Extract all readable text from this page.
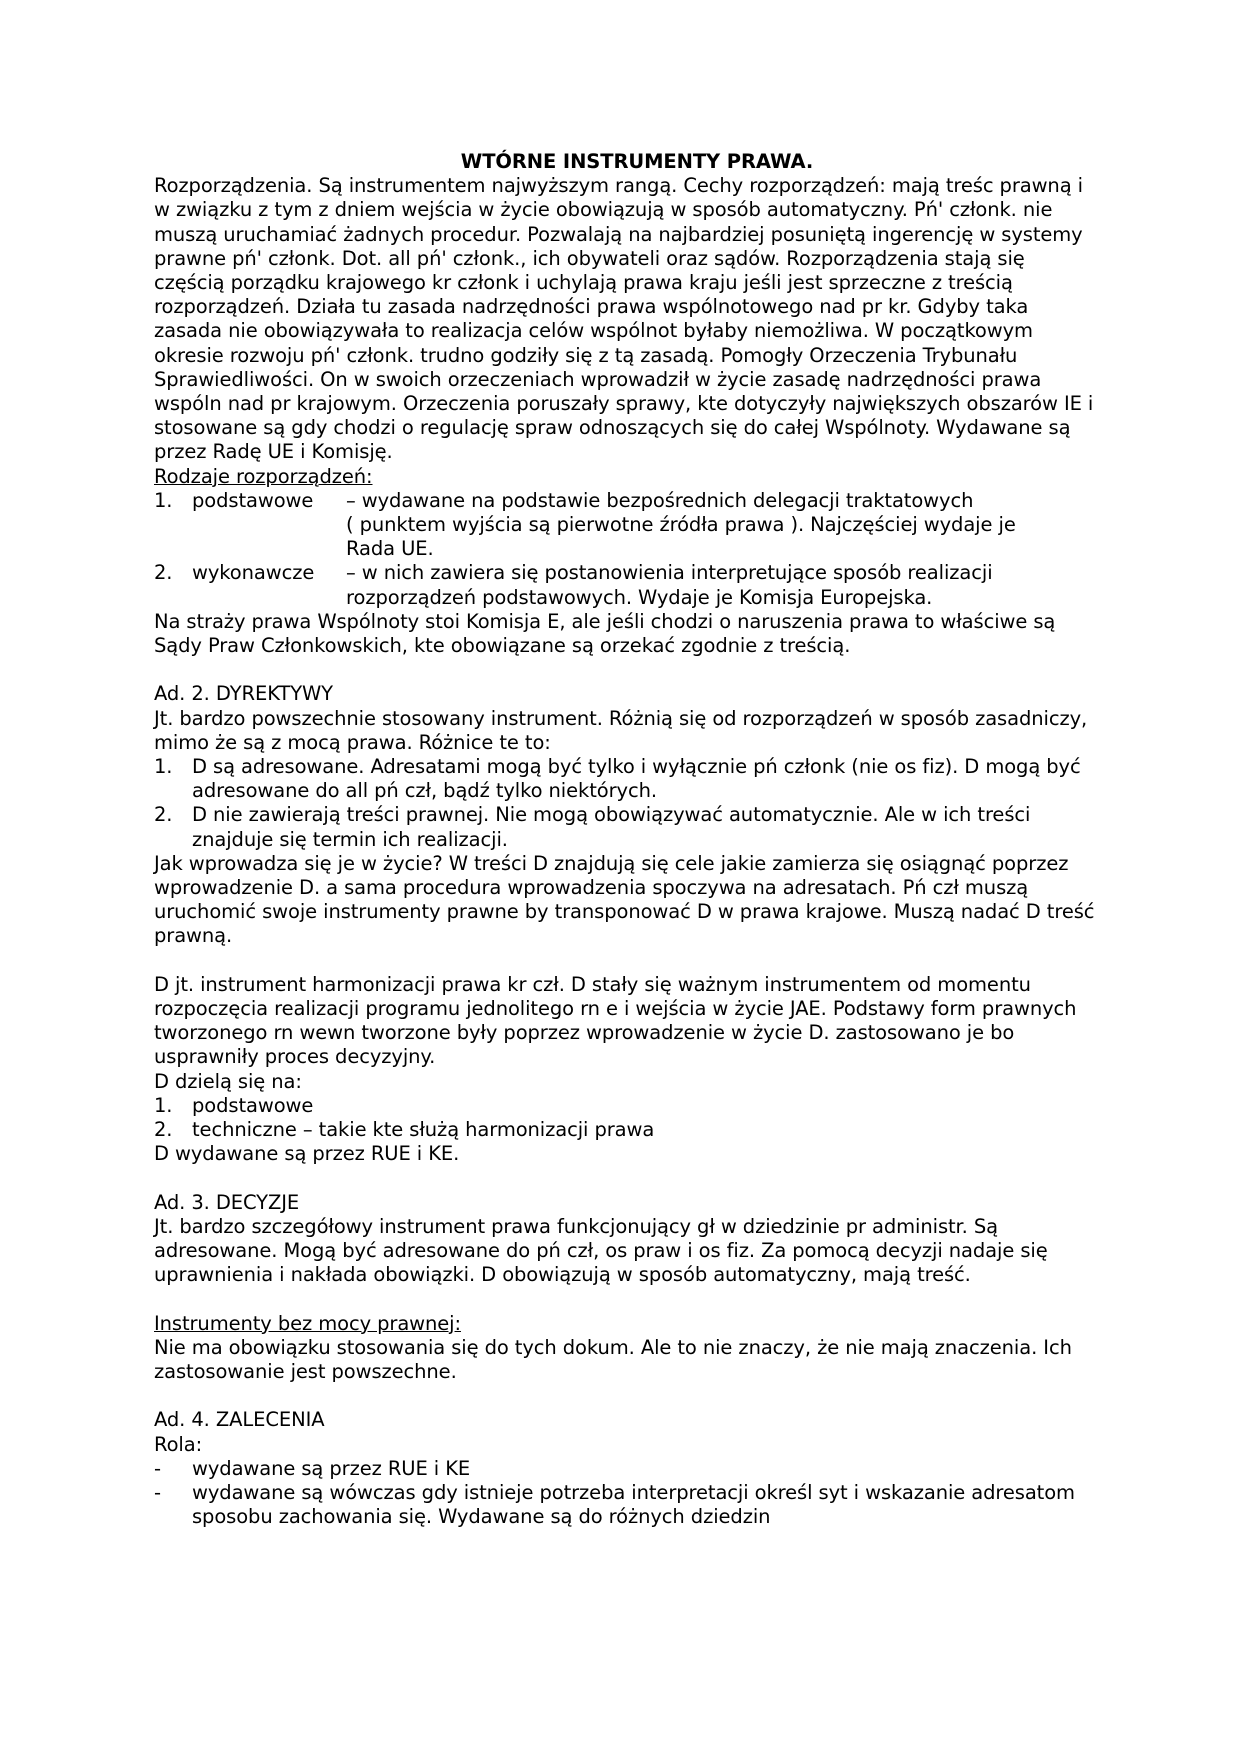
WTÓRNE INSTRUMENTY PRAWA.

Rozporządzenia. Są instrumentem najwyższym rangą. Cechy rozporządzeń: mają treśc prawną i w związku z tym z dniem wejścia w życie obowiązują w sposób automatyczny. Pń' członk. nie muszą uruchamiać żadnych procedur. Pozwalają na najbardziej posuniętą ingerencję w systemy prawne pń' członk. Dot. all pń' członk., ich obywateli oraz sądów. Rozporządzenia stają się częścią porządku krajowego kr członk i uchylają prawa kraju jeśli jest sprzeczne z treścią rozporządzeń. Działa tu zasada nadrzędności prawa wspólnotowego nad pr kr. Gdyby taka zasada nie obowiązywała to realizacja celów wspólnot byłaby niemożliwa. W początkowym okresie rozwoju pń' członk. trudno godziły się z tą zasadą. Pomogły Orzeczenia Trybunału Sprawiedliwości. On w swoich orzeczeniach wprowadził w życie zasadę nadrzędności prawa wspóln nad pr krajowym. Orzeczenia poruszały sprawy, kte dotyczyły największych obszarów IE i stosowane są gdy chodzi o regulację spraw odnoszących się do całej Wspólnoty. Wydawane są przez Radę UE i Komisję.

Rodzaje rozporządzeń:

1. podstawowe – wydawane na podstawie bezpośrednich delegacji traktatowych
( punktem wyjścia są pierwotne źródła prawa ). Najczęściej wydaje je Rada UE.
2. wykonawcze – w nich zawiera się postanowienia interpretujące sposób realizacji
rozporządzeń podstawowych. Wydaje je Komisja Europejska.

Na straży prawa Wspólnoty stoi Komisja E, ale jeśli chodzi o naruszenia prawa to właściwe są Sądy Praw Członkowskich, kte obowiązane są orzekać zgodnie z treścią.

Ad. 2. DYREKTYWY

Jt. bardzo powszechnie stosowany instrument. Różnią się od rozporządzeń w sposób zasadniczy, mimo że są z mocą prawa. Różnice te to:

1. D są adresowane. Adresatami mogą być tylko i wyłącznie pń członk (nie os fiz). D mogą być adresowane do all pń czł, bądź tylko niektórych.
2. D nie zawierają treści prawnej. Nie mogą obowiązywać automatycznie. Ale w ich treści znajduje się termin ich realizacji.

Jak wprowadza się je w życie? W treści D znajdują się cele jakie zamierza się osiągnąć poprzez wprowadzenie D. a sama procedura wprowadzenia spoczywa na adresatach. Pń czł muszą uruchomić swoje instrumenty prawne by transponować D w prawa krajowe. Muszą nadać D treść prawną.

D jt. instrument harmonizacji prawa kr czł. D stały się ważnym instrumentem od momentu rozpoczęcia realizacji programu jednolitego rn e i wejścia w życie JAE. Podstawy form prawnych tworzonego rn wewn tworzone były poprzez wprowadzenie w życie D. zastosowano je bo usprawniły proces decyzyjny.

D dzielą się na:

1. podstawowe
2. techniczne – takie kte służą harmonizacji prawa

D wydawane są przez RUE i KE.

Ad. 3. DECYZJE

Jt. bardzo szczegółowy instrument prawa funkcjonujący gł w dziedzinie pr administr. Są adresowane. Mogą być adresowane do pń czł, os praw i os fiz. Za pomocą decyzji nadaje się uprawnienia i nakłada obowiązki. D obowiązują w sposób automatyczny, mają treść.

Instrumenty bez mocy prawnej:

Nie ma obowiązku stosowania się do tych dokum. Ale to nie znaczy, że nie mają znaczenia. Ich zastosowanie jest powszechne.

Ad. 4. ZALECENIA

Rola:

- wydawane są przez RUE i KE
- wydawane są wówczas gdy istnieje potrzeba interpretacji określ syt i wskazanie adresatom sposobu zachowania się. Wydawane są do różnych dziedzin
